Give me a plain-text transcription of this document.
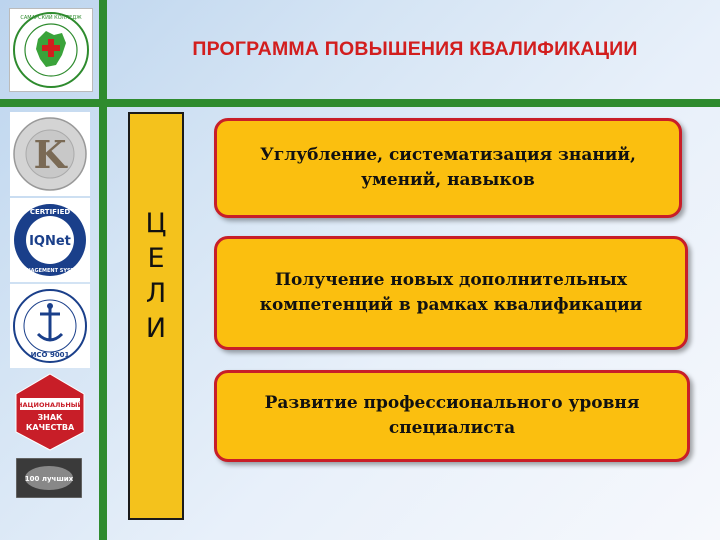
САМАРСКИЙ КОЛЛЕДЖ
ПРОГРАММА ПОВЫШЕНИЯ КВАЛИФИКАЦИИ
K
CERTIFIED
IQNet
MANAGEMENT SYSTEM
ИСО 9001
НАЦИОНАЛЬНЫЙ
ЗНАК
КАЧЕСТВА
100 лучших
Ц
Е
Л
И
Углубление, систематизация знаний, умений, навыков
Получение новых дополнительных компетенций в рамках квалификации
Развитие профессионального уровня специалиста
